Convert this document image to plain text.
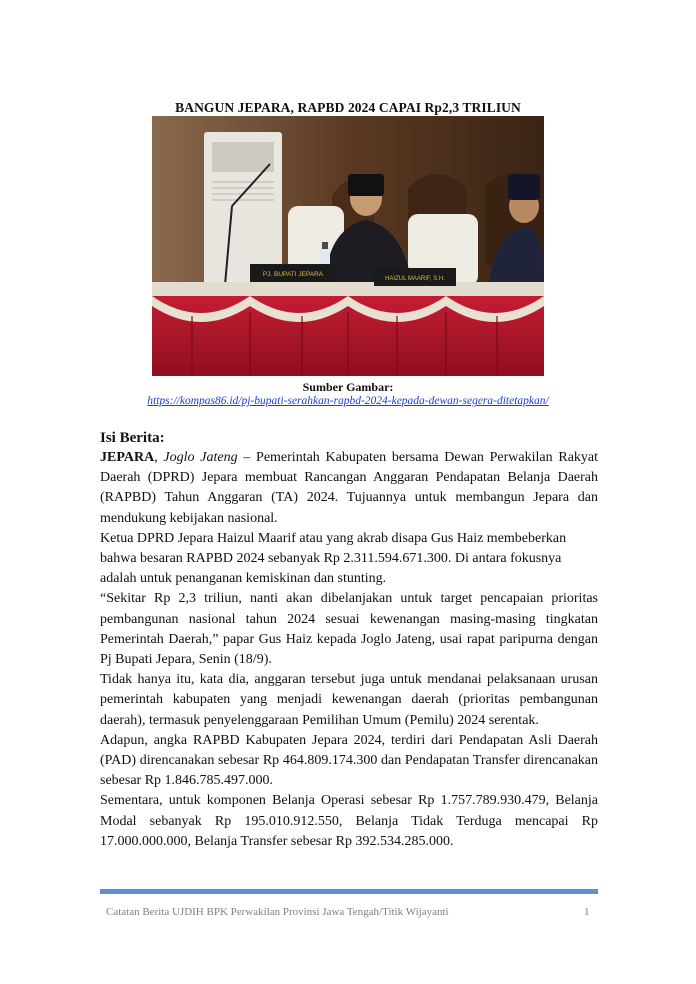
BANGUN JEPARA, RAPBD 2024 CAPAI Rp2,3 TRILIUN
PJ. BUPATI JEPARA
HAIZUL MAARIF, S.H.
Sumber Gambar:
https://kompas86.id/pj-bupati-serahkan-rapbd-2024-kepada-dewan-segera-ditetapkan/
Isi Berita:

JEPARA, Joglo Jateng – Pemerintah Kabupaten bersama Dewan Perwakilan Rakyat Daerah (DPRD) Jepara membuat Rancangan Anggaran Pendapatan Belanja Daerah (RAPBD) Tahun Anggaran (TA) 2024. Tujuannya untuk membangun Jepara dan mendukung kebijakan nasional.

Ketua DPRD Jepara Haizul Maarif atau yang akrab disapa Gus Haiz membeberkan bahwa besaran RAPBD 2024 sebanyak Rp 2.311.594.671.300. Di antara fokusnya adalah untuk penanganan kemiskinan dan stunting.

“Sekitar Rp 2,3 triliun, nanti akan dibelanjakan untuk target pencapaian prioritas pembangunan nasional tahun 2024 sesuai kewenangan masing-masing tingkatan Pemerintah Daerah,” papar Gus Haiz kepada Joglo Jateng, usai rapat paripurna dengan Pj Bupati Jepara, Senin (18/9).

Tidak hanya itu, kata dia, anggaran tersebut juga untuk mendanai pelaksanaan urusan pemerintah kabupaten yang menjadi kewenangan daerah (prioritas pembangunan daerah), termasuk penyelenggaraan Pemilihan Umum (Pemilu) 2024 serentak.

Adapun, angka RAPBD Kabupaten Jepara 2024, terdiri dari Pendapatan Asli Daerah (PAD) direncanakan sebesar Rp 464.809.174.300 dan Pendapatan Transfer direncanakan sebesar Rp 1.846.785.497.000.

Sementara, untuk komponen Belanja Operasi sebesar Rp 1.757.789.930.479, Belanja Modal sebanyak Rp 195.010.912.550, Belanja Tidak Terduga mencapai Rp 17.000.000.000, Belanja Transfer sebesar Rp 392.534.285.000.

Catatan Berita UJDIH BPK Perwakilan Provinsi Jawa Tengah/Titik Wijayanti	1
